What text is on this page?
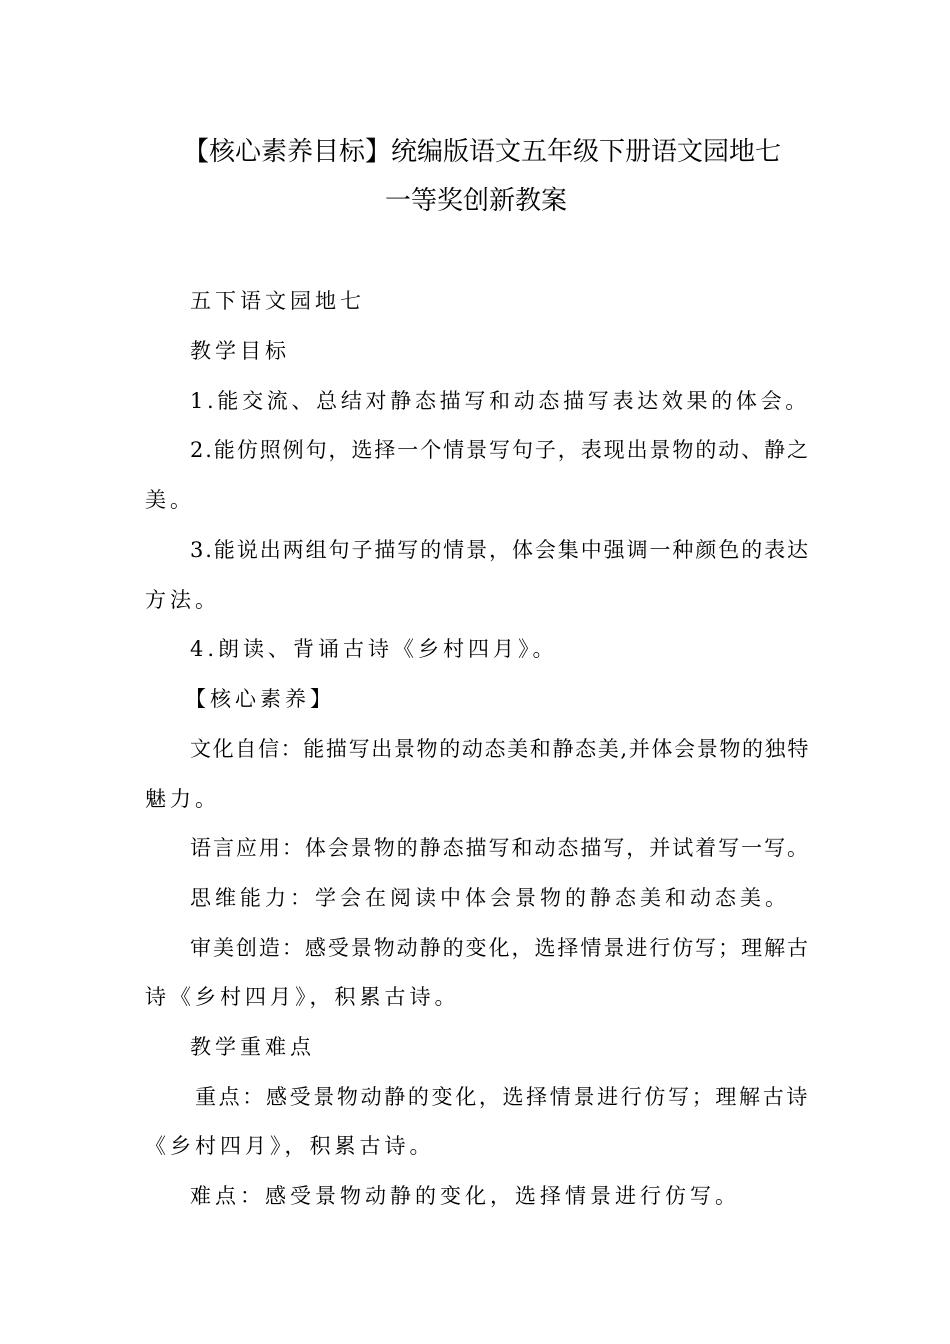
【核心素养目标】统编版语文五年级下册语文园地七
一等奖创新教案
五下语文园地七
教学目标
1.能交流、总结对静态描写和动态描写表达效果的体会。
2.能仿照例句，选择一个情景写句子，表现出景物的动、静之
美。
3.能说出两组句子描写的情景，体会集中强调一种颜色的表达
方法。
4.朗读、背诵古诗《乡村四月》。
【核心素养】
文化自信：能描写出景物的动态美和静态美,并体会景物的独特
魅力。
语言应用：体会景物的静态描写和动态描写，并试着写一写。
思维能力：学会在阅读中体会景物的静态美和动态美。
审美创造：感受景物动静的变化，选择情景进行仿写；理解古
诗《乡村四月》，积累古诗。
教学重难点
重点：感受景物动静的变化，选择情景进行仿写；理解古诗
《乡村四月》，积累古诗。
难点：感受景物动静的变化，选择情景进行仿写。
